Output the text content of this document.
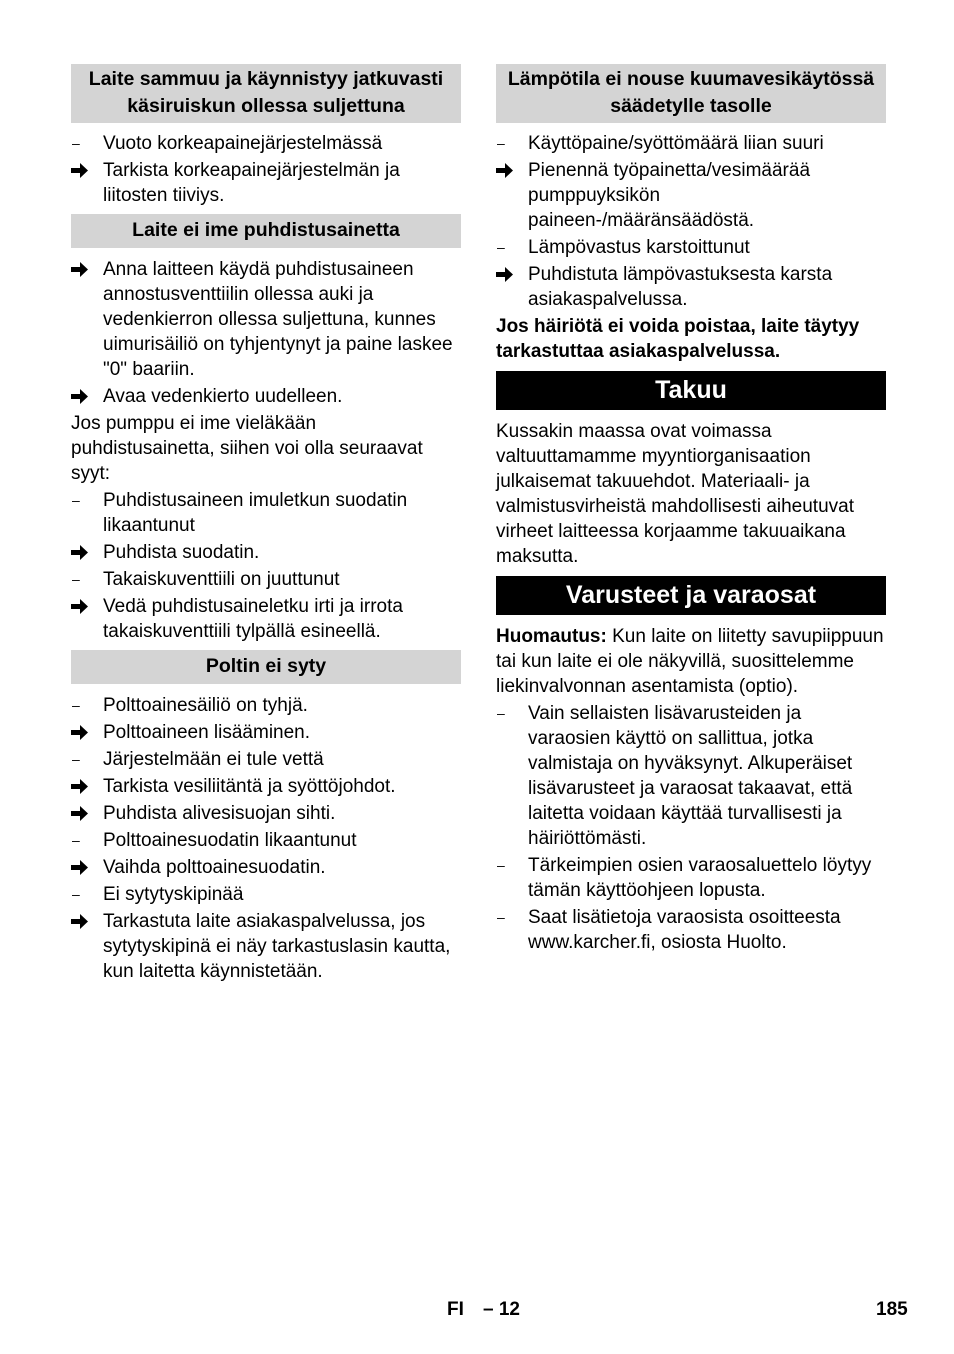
Laite sammuu ja käynnistyy jatkuvasti käsiruiskun ollessa suljettuna
–	Vuoto korkeapainejärjestelmässä
Tarkista korkeapainejärjestelmän ja liitosten tiiviys.
Laite ei ime puhdistusainetta
Anna laitteen käydä puhdistusaineen annostusventtiilin ollessa auki ja vedenkierron ollessa suljettuna, kunnes uimurisäiliö on tyhjentynyt ja paine laskee "0" baariin.
Avaa vedenkierto uudelleen.

Jos pumppu ei ime vieläkään puhdistusainetta, siihen voi olla seuraavat syyt:

–	Puhdistusaineen imuletkun suodatin likaantunut
Puhdista suodatin.
–	Takaiskuventtiili on juuttunut
Vedä puhdistusaineletku irti ja irrota takaiskuventtiili tylpällä esineellä.
Poltin ei syty
–	Polttoainesäiliö on tyhjä.
Polttoaineen lisääminen.
–	Järjestelmään ei tule vettä
Tarkista vesiliitäntä ja syöttöjohdot.
Puhdista alivesisuojan sihti.
–	Polttoainesuodatin likaantunut
Vaihda polttoainesuodatin.
–	Ei sytytyskipinää
Tarkastuta laite asiakaspalvelussa, jos sytytyskipinä ei näy tarkastuslasin kautta, kun laitetta käynnistetään.
Lämpötila ei nouse kuumavesikäytössä säädetylle tasolle
–	Käyttöpaine/syöttömäärä liian suuri
Pienennä työpainetta/vesimäärää pumppuyksikön paineen-/määränsäädöstä.
–	Lämpövastus karstoittunut
Puhdistuta lämpövastuksesta karsta asiakaspalvelussa.

Jos häiriötä ei voida poistaa, laite täytyy tarkastuttaa asiakaspalvelussa.

Takuu

Kussakin maassa ovat voimassa valtuuttamamme myyntiorganisaation julkaisemat takuuehdot. Materiaali- ja valmistusvirheistä mahdollisesti aiheutuvat virheet laitteessa korjaamme takuuaikana maksutta.

Varusteet ja varaosat

Huomautus: Kun laite on liitetty savupiippuun tai kun laite ei ole näkyvillä, suosittelemme liekinvalvonnan asentamista (optio).

–	Vain sellaisten lisävarusteiden ja varaosien käyttö on sallittua, jotka valmistaja on hyväksynyt. Alkuperäiset lisävarusteet ja varaosat takaavat, että laitetta voidaan käyttää turvallisesti ja häiriöttömästi.
–	Tärkeimpien osien varaosaluettelo löytyy tämän käyttöohjeen lopusta.
–	Saat lisätietoja varaosista osoitteesta www.karcher.fi, osiosta Huolto.
FI – 12	185
